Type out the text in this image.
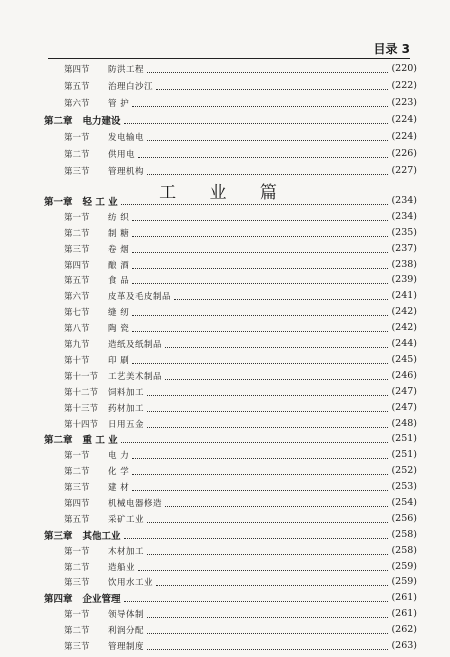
目录 3
工 业 篇
第四节	防洪工程	(220)
第五节	治理白沙江	(222)
第六节	管 护	(223)
第二章 电力建设	(224)
第一节	发电输电	(224)
第二节	供用电	(226)
第三节	管理机构	(227)
第一章 轻 工 业	(234)
第一节	纺 织	(234)
第二节	制 糖	(235)
第三节	卷 烟	(237)
第四节	酿 酒	(238)
第五节	食 品	(239)
第六节	皮革及毛皮制品	(241)
第七节	缝 纫	(242)
第八节	陶 瓷	(242)
第九节	造纸及纸制品	(244)
第十节	印 刷	(245)
第十一节	工艺美术制品	(246)
第十二节	饲料加工	(247)
第十三节	药材加工	(247)
第十四节	日用五金	(248)
第二章 重 工 业	(251)
第一节	电 力	(251)
第二节	化 学	(252)
第三节	建 材	(253)
第四节	机械电器修造	(254)
第五节	采矿工业	(256)
第三章 其他工业	(258)
第一节	木材加工	(258)
第二节	造船业	(259)
第三节	饮用水工业	(259)
第四章 企业管理	(261)
第一节	领导体制	(261)
第二节	利润分配	(262)
第三节	管理制度	(263)
